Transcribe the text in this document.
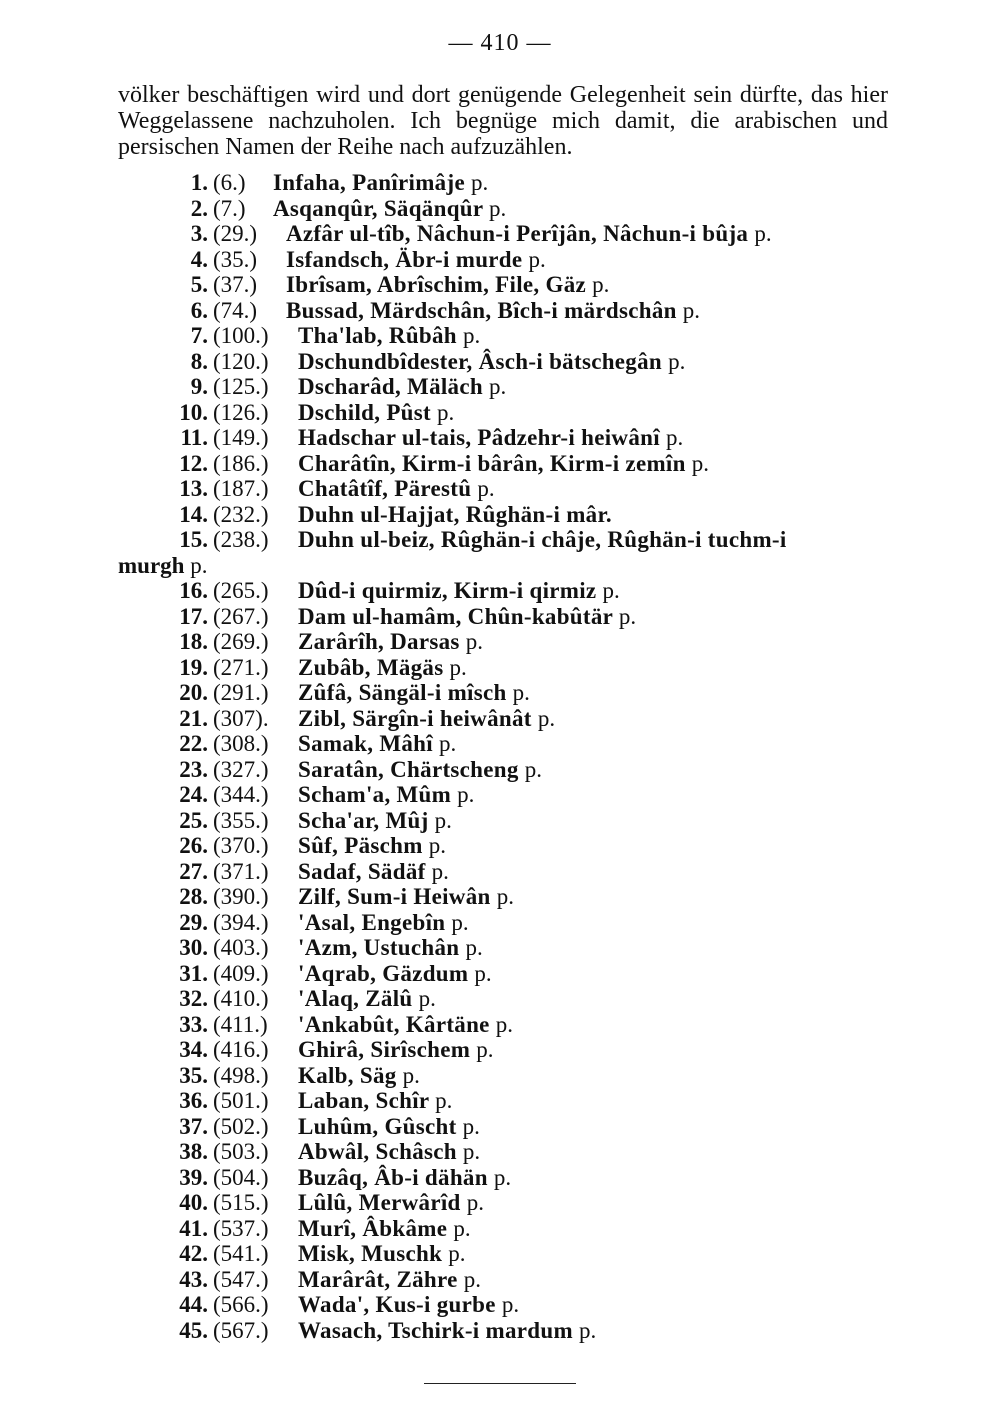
— 410 —
völker beschäftigen wird und dort genügende Gelegenheit sein dürfte, das hier Weggelassene nachzuholen. Ich begnüge mich damit, die arabischen und persischen Namen der Reihe nach aufzuzählen.
1. (6.) Infaha, Panîrimâje p.
2. (7.) Asqanqûr, Säqänqûr p.
3. (29.) Azfâr ul-tîb, Nâchun-i Perîjân, Nâchun-i bûja p.
4. (35.) Isfandsch, Äbr-i murde p.
5. (37.) Ibrîsam, Abrîschim, File, Gäz p.
6. (74.) Bussad, Märdschân, Bîch-i märdschân p.
7. (100.) Tha'lab, Rûbâh p.
8. (120.) Dschundbîdester, Âsch-i bätschegân p.
9. (125.) Dscharâd, Mäläch p.
10. (126.) Dschild, Pûst p.
11. (149.) Hadschar ul-tais, Pâdzehr-i heiwânî p.
12. (186.) Charâtîn, Kirm-i bârân, Kirm-i zemîn p.
13. (187.) Chatâtîf, Pärestû p.
14. (232.) Duhn ul-Hajjat, Rûghän-i mâr.
15. (238.) Duhn ul-beiz, Rûghän-i châje, Rûghän-i tuchm-i
murgh p.
16. (265.) Dûd-i quirmiz, Kirm-i qirmiz p.
17. (267.) Dam ul-hamâm, Chûn-kabûtär p.
18. (269.) Zarârîh, Darsas p.
19. (271.) Zubâb, Mägäs p.
20. (291.) Zûfâ, Sängäl-i mîsch p.
21. (307). Zibl, Särgîn-i heiwânât p.
22. (308.) Samak, Mâhî p.
23. (327.) Saratân, Chärtscheng p.
24. (344.) Scham'a, Mûm p.
25. (355.) Scha'ar, Mûj p.
26. (370.) Sûf, Päschm p.
27. (371.) Sadaf, Sädäf p.
28. (390.) Zilf, Sum-i Heiwân p.
29. (394.) 'Asal, Engebîn p.
30. (403.) 'Azm, Ustuchân p.
31. (409.) 'Aqrab, Gäzdum p.
32. (410.) 'Alaq, Zälû p.
33. (411.) 'Ankabût, Kârtäne p.
34. (416.) Ghirâ, Sirîschem p.
35. (498.) Kalb, Säg p.
36. (501.) Laban, Schîr p.
37. (502.) Luhûm, Gûscht p.
38. (503.) Abwâl, Schâsch p.
39. (504.) Buzâq, Âb-i dähän p.
40. (515.) Lûlû, Merwârîd p.
41. (537.) Murî, Âbkâme p.
42. (541.) Misk, Muschk p.
43. (547.) Marârât, Zähre p.
44. (566.) Wada', Kus-i gurbe p.
45. (567.) Wasach, Tschirk-i mardum p.
